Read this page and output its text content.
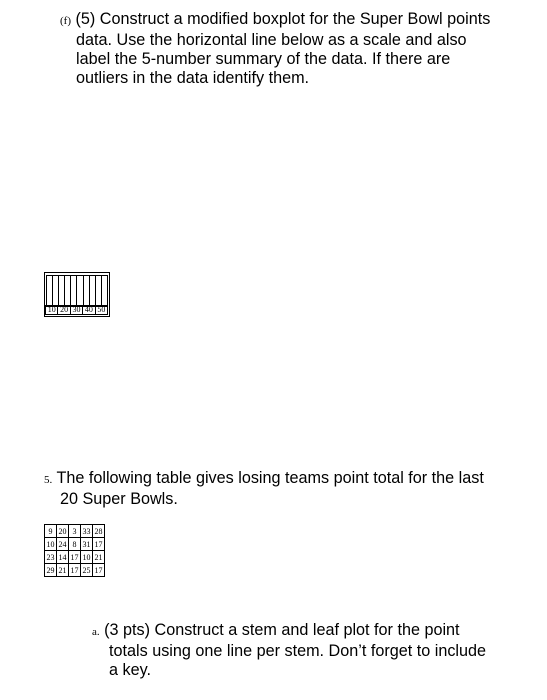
(f) (5) Construct a modified boxplot for the Super Bowl points
data. Use the horizontal line below as a scale and also
label the 5-number summary of the data. If there are
outliers in the data identify them.
10 20 30 40 50
5. The following table gives losing teams point total for the last
20 Super Bowls.
9	20	3	33	28
10	24	8	31	17
23	14	17	10	21
29	21	17	25	17
a. (3 pts) Construct a stem and leaf plot for the point
totals using one line per stem. Don’t forget to include
a key.
